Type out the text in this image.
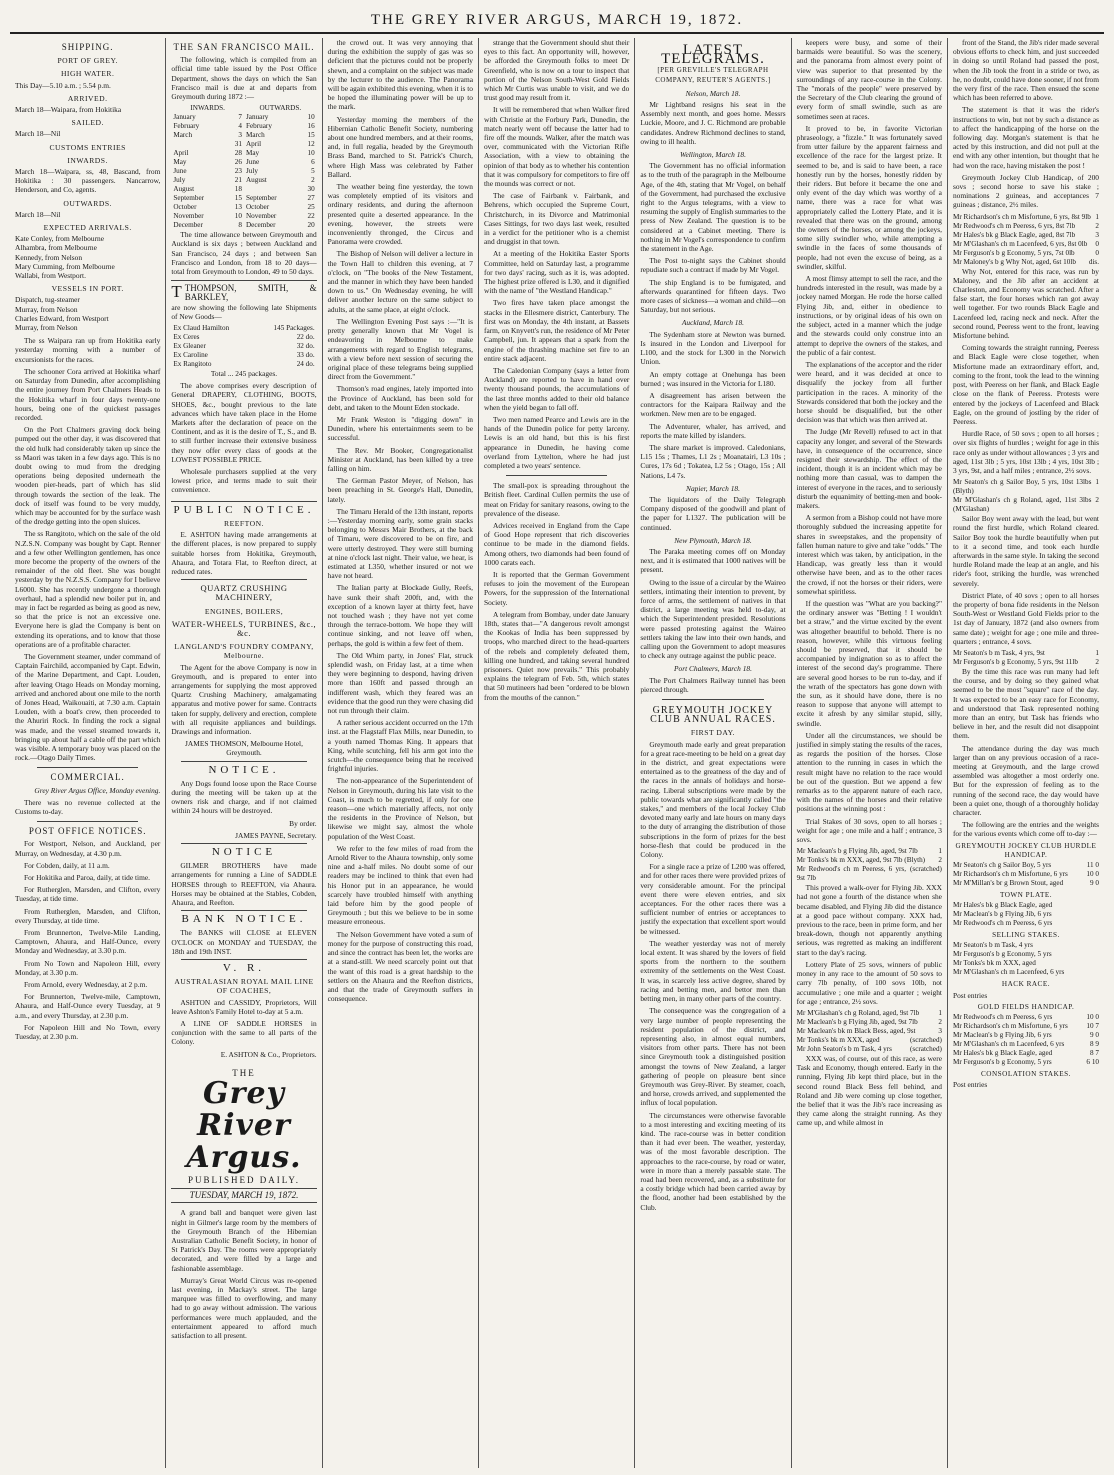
THE GREY RIVER ARGUS, MARCH 19, 1872.
SHIPPING.
PORT OF GREY.
HIGH WATER.

This Day—5.10 a.m. ; 5.54 p.m.

ARRIVED.

March 18—Waipara, from Hokitika

SAILED.

March 18—Nil

CUSTOMS ENTRIES
INWARDS.

March 18—Waipara, ss, 48, Bascand, from Hokitika : 30 passengers. Nancarrow, Henderson, and Co, agents.

OUTWARDS.

March 18—Nil

EXPECTED ARRIVALS.
Kate Conley, from Melbourne
Alhambra, from Melbourne
Kennedy, from Nelson
Mary Cumming, from Melbourne
Wallabi, from Westport.
VESSELS IN PORT.
Dispatch, tug-steamer
Murray, from Nelson
Charles Edward, from Westport
Murray, from Nelson

The ss Waipara ran up from Hokitika early yesterday morning with a number of excursionists for the races.

The schooner Cora arrived at Hokitika wharf on Saturday from Dunedin, after accomplishing the entire journey from Port Chalmers Heads to the Hokitika wharf in four days twenty-one hours, being one of the quickest passages recorded.

On the Port Chalmers graving dock being pumped out the other day, it was discovered that the old hulk had considerably taken up since the ss Maori was taken in a few days ago. This is no doubt owing to mud from the dredging operations being deposited underneath the wooden pier-heads, part of which has slid through towards the section of the leak. The dock of itself was found to be very muddy, which may be accounted for by the surface wash of the dredge getting into the open sluices.

The ss Rangitoto, which on the sale of the old N.Z.S.N. Company was bought by Capt. Renner and a few other Wellington gentlemen, has once more become the property of the owners of the remainder of the old fleet. She was bought yesterday by the N.Z.S.S. Company for I believe L6000. She has recently undergone a thorough overhaul, had a splendid new boiler put in, and may in fact be regarded as being as good as new, so that the price is not an excessive one. Everyone here is glad the Company is bent on extending its operations, and to know that those operations are of a profitable character.

The Government steamer, under command of Captain Fairchild, accompanied by Capt. Edwin, of the Marine Department, and Capt. Louden, after leaving Otago Heads on Monday morning, arrived and anchored about one mile to the north of Jones Head, Waikouaiti, at 7.30 a.m. Captain Louden, with a boat's crew, then proceeded to the Ahuriri Rock. In finding the rock a signal was made, and the vessel steamed towards it, bringing up about half a cable off the part which was visible. A temporary buoy was placed on the rock.—Otago Daily Times.

COMMERCIAL.

Grey River Argus Office, Monday evening.

There was no revenue collected at the Customs to-day.

POST OFFICE NOTICES.

For Westport, Nelson, and Auckland, per Murray, on Wednesday, at 4.30 p.m.

For Cobden, daily, at 11 a.m.

For Hokitika and Paroa, daily, at tide time.

For Rutherglen, Marsden, and Clifton, every Tuesday, at tide time.

From Rutherglen, Marsden, and Clifton, every Thursday, at tide time.

From Brunnerton, Twelve-Mile Landing, Camptown, Ahaura, and Half-Ounce, every Monday and Wednesday, at 3.30 p.m.

From No Town and Napoleon Hill, every Monday, at 3.30 p.m.

From Arnold, every Wednesday, at 2 p.m.

For Brunnerton, Twelve-mile, Camptown, Ahaura, and Half-Ounce every Tuesday, at 9 a.m., and every Thursday, at 2.30 p.m.

For Napoleon Hill and No Town, every Tuesday, at 2.30 p.m.

THE SAN FRANCISCO MAIL.

The following, which is compiled from an official time table issued by the Post Office Department, shows the days on which the San Francisco mail is due at and departs from Greymouth during 1872 :—

INWARDS.		OUTWARDS.	
January	7	January	10
February	4	February	16
March	3	March	15
	31	April	12
April	28	May	10
May	26	June	6
June	23	July	5
July	21	August	2
August	18		30
September	15	September	27
October	13	October	25
November	10	November	22
December	8	December	20

The time allowance between Greymouth and Auckland is six days ; between Auckland and San Francisco, 24 days ; and between San Francisco and London, from 18 to 20 days—total from Greymouth to London, 49 to 50 days.

TTHOMPSON, SMITH, & BARKLEY,

are now showing the following late Shipments of New Goods—

Ex Claud Hamilton	145 Packages.
Ex Ceres	22 do.
Ex Gleaner	32 do.
Ex Caroline	33 do.
Ex Rangitoto	24 do.

Total ... 245 packages.

The above comprises every description of General DRAPERY, CLOTHING, BOOTS, SHOES, &c., bought previous to the late advances which have taken place in the Home Markets after the declaration of peace on the Continent, and as it is the desire of T., S., and B. to still further increase their extensive business they now offer every class of goods at the LOWEST POSSIBLE PRICE.

Wholesale purchasers supplied at the very lowest price, and terms made to suit their convenience.

PUBLIC NOTICE.
REEFTON.

E. ASHTON having made arrangements at the different places, is now prepared to supply suitable horses from Hokitika, Greymouth, Ahaura, and Totara Flat, to Reefton direct, at reduced rates.

QUARTZ CRUSHING MACHINERY,
ENGINES, BOILERS,
WATER-WHEELS, TURBINES, &c., &c.
LANGLAND'S FOUNDRY COMPANY, Melbourne.

The Agent for the above Company is now in Greymouth, and is prepared to enter into arrangements for supplying the most approved Quartz Crushing Machinery, amalgamating apparatus and motive power for same. Contracts taken for supply, delivery and erection, complete with all requisite appliances and buildings. Drawings and information.

JAMES THOMSON, Melbourne Hotel, Greymouth.

NOTICE.

Any Dogs found loose upon the Race Course during the meeting will be taken up at the owners risk and charge, and if not claimed within 24 hours will be destroyed.

By order.

JAMES PAYNE, Secretary.

NOTICE

GILMER BROTHERS have made arrangements for running a Line of SADDLE HORSES through to REEFTON, via Ahaura. Horses may be obtained at the Stables, Cobden, Ahaura, and Reefton.

BANK NOTICE.

The BANKS will CLOSE at ELEVEN O'CLOCK on MONDAY and TUESDAY, the 18th and 19th INST.

V. R.
AUSTRALASIAN ROYAL MAIL LINE OF COACHES,

ASHTON and CASSIDY, Proprietors, Will leave Ashton's Family Hotel to-day at 5 a.m.

A LINE OF SADDLE HORSES in conjunction with the same to all parts of the Colony.

E. ASHTON & Co., Proprietors.

THE
Grey River Argus.
PUBLISHED DAILY.
TUESDAY, MARCH 19, 1872.

A grand ball and banquet were given last night in Gilmer's large room by the members of the Greymouth Branch of the Hibernian Australian Catholic Benefit Society, in honor of St Patrick's Day. The rooms were appropriately decorated, and were filled by a large and fashionable assemblage.

Murray's Great World Circus was re-opened last evening, in Mackay's street. The large marquee was filled to overflowing, and many had to go away without admission. The various performances were much applauded, and the entertainment appeared to afford much satisfaction to all present.

the crowd out. It was very annoying that during the exhibition the supply of gas was so deficient that the pictures could not be properly shewn, and a complaint on the subject was made by the lecturer to the audience. The Panorama will be again exhibited this evening, when it is to be hoped the illuminating power will be up to the mark.

Yesterday morning the members of the Hibernian Catholic Benefit Society, numbering about one hundred members, and at their rooms, and, in full regalia, headed by the Greymouth Brass Band, marched to St. Patrick's Church, where High Mass was celebrated by Father Ballard.

The weather being fine yesterday, the town was completely emptied of its visitors and ordinary residents, and during the afternoon presented quite a deserted appearance. In the evening, however, the streets were inconveniently thronged, the Circus and Panorama were crowded.

The Bishop of Nelson will deliver a lecture in the Town Hall to children this evening, at 7 o'clock, on "The books of the New Testament, and the manner in which they have been handed down to us." On Wednesday evening, he will deliver another lecture on the same subject to adults, at the same place, at eight o'clock.

The Wellington Evening Post says :—"It is pretty generally known that Mr Vogel is endeavoring in Melbourne to make arrangements with regard to English telegrams, with a view before next session of securing the original place of these telegrams being supplied direct from the Government."

Thomson's road engines, lately imported into the Province of Auckland, has been sold for debt, and taken to the Mount Eden stockade.

Mr Frank Weston is "digging down" in Dunedin, where his entertainments seem to be successful.

The Rev. Mr Booker, Congregationalist Minister at Auckland, has been killed by a tree falling on him.

The German Pastor Meyer, of Nelson, has been preaching in St. George's Hall, Dunedin, lately.

The Timaru Herald of the 13th instant, reports :—Yesterday morning early, some grain stacks belonging to Messrs Mair Brothers, at the back of Timaru, were discovered to be on fire, and were utterly destroyed. They were still burning at nine o'clock last night. Their value, we hear, is estimated at L350, whether insured or not we have not heard.

The Italian party at Blockade Gully, Reefs, have sunk their shaft 200ft, and, with the exception of a known layer at thirty feet, have not touched wash ; they have not yet come through the terrace-bottom. We hope they will continue sinking, and not leave off when, perhaps, the gold is within a few feet of them.

The Old Whim party, in Jones' Flat, struck splendid wash, on Friday last, at a time when they were beginning to despond, having driven more than 160ft and passed through an indifferent wash, which they feared was an evidence that the good run they were chasing did not run through their claim.

A rather serious accident occurred on the 17th inst. at the Flagstaff Flax Mills, near Dunedin, to a youth named Thomas King. It appears that King, while scutching, fell his arm got into the scutch—the consequence being that he received frightful injuries.

The non-appearance of the Superintendent of Nelson in Greymouth, during his late visit to the Coast, is much to be regretted, if only for one reason—one which materially affects, not only the residents in the Province of Nelson, but likewise we might say, almost the whole population of the West Coast.

We refer to the few miles of road from the Arnold River to the Ahaura township, only some nine and a-half miles. No doubt some of our readers may be inclined to think that even had his Honor put in an appearance, he would scarcely have troubled himself with anything laid before him by the good people of Greymouth ; but this we believe to be in some measure erroneous.

The Nelson Government have voted a sum of money for the purpose of constructing this road, and since the contract has been let, the works are at a stand-still. We need scarcely point out that the want of this road is a great hardship to the settlers on the Ahaura and the Reefton districts, and that the trade of Greymouth suffers in consequence.

strange that the Government should shut their eyes to this fact. An opportunity will, however, be afforded the Greymouth folks to meet Dr Greenfield, who is now on a tour to inspect that portion of the Nelson South-West Gold Fields which Mr Curtis was unable to visit, and we do trust good may result from it.

It will be remembered that when Walker fired with Christie at the Forbury Park, Dunedin, the match nearly went off because the latter had to fire off the mounds. Walker, after the match was over, communicated with the Victorian Rifle Association, with a view to obtaining the opinion of that body as to whether his contention that it was compulsory for competitors to fire off the mounds was correct or not.

The case of Fairbank v. Fairbank, and Behrens, which occupied the Supreme Court, Christchurch, in its Divorce and Matrimonial Cases Sittings, for two days last week, resulted in a verdict for the petitioner who is a chemist and druggist in that town.

At a meeting of the Hokitika Easter Sports Committee, held on Saturday last, a programme for two days' racing, such as it is, was adopted. The highest prize offered is L30, and it dignified with the name of "the Westland Handicap."

Two fires have taken place amongst the stacks in the Ellesmere district, Canterbury. The first was on Monday, the 4th instant, at Bassets farm, on Knyvett's run, the residence of Mr Peter Campbell, jun. It appears that a spark from the engine of the thrashing machine set fire to an entire stack adjacent.

The Caledonian Company (says a letter from Auckland) are reported to have in hand over twenty thousand pounds, the accumulations of the last three months added to their old balance when the yield began to fall off.

Two men named Pearce and Lewis are in the hands of the Dunedin police for petty larceny. Lewis is an old hand, but this is his first appearance in Dunedin, he having come overland from Lyttelton, where he had just completed a two years' sentence.

The small-pox is spreading throughout the British fleet. Cardinal Cullen permits the use of meat on Friday for sanitary reasons, owing to the prevalence of the disease.

Advices received in England from the Cape of Good Hope represent that rich discoveries continue to be made in the diamond fields. Among others, two diamonds had been found of 1000 carats each.

It is reported that the German Government refuses to join the movement of the European Powers, for the suppression of the International Society.

A telegram from Bombay, under date January 18th, states that—"A dangerous revolt amongst the Kookas of India has been suppressed by troops, who marched direct to the head-quarters of the rebels and completely defeated them, killing one hundred, and taking several hundred prisoners. Quiet now prevails." This probably explains the telegram of Feb. 5th, which states that 50 mutineers had been "ordered to be blown from the mouths of the cannon."

LATEST TELEGRAMS.
[PER GREVILLE'S TELEGRAPH COMPANY, REUTER'S AGENTS.]
Nelson, March 18.

Mr Lightband resigns his seat in the Assembly next month, and goes home. Messrs Luckie, Moore, and J. C. Richmond are probable candidates. Andrew Richmond declines to stand, owing to ill health.

Wellington, March 18.

The Government has no official information as to the truth of the paragraph in the Melbourne Age, of the 4th, stating that Mr Vogel, on behalf of the Government, had purchased the exclusive right to the Argus telegrams, with a view to resuming the supply of English summaries to the press of New Zealand. The question is to be considered at a Cabinet meeting. There is nothing in Mr Vogel's correspondence to confirm the statement in the Age.

The Post to-night says the Cabinet should repudiate such a contract if made by Mr Vogel.

The ship England is to be fumigated, and afterwards quarantined for fifteen days. Two more cases of sickness—a woman and child—on Saturday, but not serious.

Auckland, March 18.

The Sydenham store at Newton was burned. Is insured in the London and Liverpool for L100, and the stock for L300 in the Norwich Union.

An empty cottage at Onehunga has been burned ; was insured in the Victoria for L180.

A disagreement has arisen between the contractors for the Kaipara Railway and the workmen. New men are to be engaged.

The Adventurer, whaler, has arrived, and reports the mate killed by islanders.

The share market is improved. Caledonians, L15 15s ; Thames, L1 2s ; Moanatairi, L3 10s ; Cures, 17s 6d ; Tokatea, L2 5s ; Otago, 15s ; All Nations, L4 7s.

Napier, March 18.

The liquidators of the Daily Telegraph Company disposed of the goodwill and plant of the paper for L1327. The publication will be continued.

New Plymouth, March 18.

The Paraka meeting comes off on Monday next, and it is estimated that 1000 natives will be present.

Owing to the issue of a circular by the Waireo settlers, intimating their intention to prevent, by force of arms, the settlement of natives in that district, a large meeting was held to-day, at which the Superintendent presided. Resolutions were passed protesting against the Waireo settlers taking the law into their own hands, and calling upon the Government to adopt measures to check any outrage against the public peace.

Port Chalmers, March 18.

The Port Chalmers Railway tunnel has been pierced through.

GREYMOUTH JOCKEY CLUB ANNUAL RACES.
FIRST DAY.

Greymouth made early and great preparation for a great race-meeting to be held on a great day in the district, and great expectations were entertained as to the greatness of the day and of the races in the annals of holidays and horse-racing. Liberal subscriptions were made by the public towards what are significantly called "the stakes," and members of the local Jockey Club devoted many early and late hours on many days to the duty of arranging the distribution of those subscriptions in the form of prizes for the best horse-flesh that could be produced in the Colony.

For a single race a prize of L200 was offered, and for other races there were provided prizes of very considerable amount. For the principal event there were eleven entries, and six acceptances. For the other races there was a sufficient number of entries or acceptances to justify the expectation that excellent sport would be witnessed.

The weather yesterday was not of merely local extent. It was shared by the lovers of field sports from the northern to the southern extremity of the settlements on the West Coast. It was, in scarcely less active degree, shared by racing and betting men, and bettor men than betting men, in many other parts of the country.

The consequence was the congregation of a very large number of people representing the resident population of the district, and representing also, in almost equal numbers, visitors from other parts. There has not been since Greymouth took a distinguished position amongst the towns of New Zealand, a larger gathering of people on pleasure bent since Greymouth was Grey-River. By steamer, coach, and horse, crowds arrived, and supplemented the influx of local population.

The circumstances were otherwise favorable to a most interesting and exciting meeting of its kind. The race-course was in better condition than it had ever been. The weather, yesterday, was of the most favorable description. The approaches to the race-course, by road or water, were in more than a merely passable state. The road had been recovered, and, as a substitute for a costly bridge which had been carried away by the flood, another had been established by the Club.

keepers were busy, and some of their barmaids were beautiful. So was the scenery, and the panorama from almost every point of view was superior to that presented by the surroundings of any race-course in the Colony. The "morals of the people" were preserved by the Secretary of the Club clearing the ground of every form of small swindle, such as are sometimes seen at races.

It proved to be, in favorite Victorian phraseology, a "fizzle." It was fortunately saved from utter failure by the apparent fairness and excellence of the race for the largest prize. It seemed to be, and is said to have been, a race honestly run by the horses, honestly ridden by their riders. But before it became the one and only event of the day which was worthy of a name, there was a race for what was appropriately called the Lottery Plate, and it is revealed that there was on the ground, among the owners of the horses, or among the jockeys, some silly swindler who, while attempting a swindle in the faces of some thousands of people, had not even the excuse of being, as a swindler, skilful.

A most flimsy attempt to sell the race, and the hundreds interested in the result, was made by a jockey named Morgan. He rode the horse called Flying Jib, and, either in obedience to instructions, or by original ideas of his own on the subject, acted in a manner which the judge and the stewards could only construe into an attempt to deprive the owners of the stakes, and the public of a fair contest.

The explanations of the acceptor and the rider were heard, and it was decided at once to disqualify the jockey from all further participation in the races. A minority of the Stewards considered that both the jockey and the horse should be disqualified, but the other decision was that which was then arrived at.

The Judge (Mr Revell) refused to act in that capacity any longer, and several of the Stewards have, in consequence of the occurrence, since resigned their stewardship. The effect of the incident, though it is an incident which may be nothing more than casual, was to dampen the interest of everyone in the races, and to seriously disturb the equanimity of betting-men and book-makers.

A sermon from a Bishop could not have more thoroughly subdued the increasing appetite for shares in sweepstakes, and the propensity of fallen human nature to give and take "odds." The interest which was taken, by anticipation, in the Handicap, was greatly less than it would otherwise have been, and as to the other races the crowd, if not the horses or their riders, were somewhat spiritless.

If the question was "What are you backing?" the ordinary answer was "Betting ! I wouldn't bet a straw," and the virtue excited by the event was altogether beautiful to behold. There is no reason, however, while this virtuous feeling should be preserved, that it should be accompanied by indignation so as to affect the interest of the second day's programme. There are several good horses to be run to-day, and if the wrath of the spectators has gone down with the sun, as it should have done, there is no reason to suppose that anyone will attempt to excite it afresh by any similar stupid, silly, swindle.

Under all the circumstances, we should be justified in simply stating the results of the races, as regards the position of the horses. Close attention to the running in cases in which the result might have no relation to the race would be out of the question. But we append a few remarks as to the apparent nature of each race, with the names of the horses and their relative positions at the winning post :

Trial Stakes of 30 sovs, open to all horses ; weight for age ; one mile and a half ; entrance, 3 sovs.

Mr Maclean's b g Flying Jib, aged, 9st 7lb	1
Mr Tonks's bk m XXX, aged, 9st 7lb (Blyth)	2
Mr Redwood's ch m Peeress, 6 yrs, 9st 7lb
(scratched)

This proved a walk-over for Flying Jib. XXX had not gone a fourth of the distance when she became disabled, and Flying Jib did the distance at a good pace without company. XXX had, previous to the race, been in prime form, and her break-down, though not apparently anything serious, was regretted as making an indifferent start to the day's racing.

Lottery Plate of 25 sovs, winners of public money in any race to the amount of 50 sovs to carry 7lb penalty, of 100 sovs 10lb, not accumulative ; one mile and a quarter ; weight for age ; entrance, 2½ sovs.

Mr M'Glashan's ch g Roland, aged, 9st 7lb	1
Mr Maclean's b g Flying Jib, aged, 9st 7lb	2
Mr Maclean's bk m Black Bess, aged, 9st	3
Mr Tonks's bk m XXX, aged	(scratched)
Mr John Seaton's b m Task, 4 yrs	(scratched)

XXX was, of course, out of this race, as were Task and Economy, though entered. Early in the running, Flying Jib kept third place, but in the second round Black Bess fell behind, and Roland and Jib were coming up close together, the belief that it was the Jib's race increasing as they came along the straight running. As they came up, and while almost in

front of the Stand, the Jib's rider made several obvious efforts to check him, and just succeeded in doing so until Roland had passed the post, when the Jib took the front in a stride or two, as he, no doubt, could have done sooner, if not from the very first of the race. Then ensued the scene which has been referred to above.

The statement is that it was the rider's instructions to win, but not by such a distance as to affect the handicapping of the horse on the following day. Morgan's statement is that he acted by this instruction, and did not pull at the end with any other intention, but thought that he had won the race, having mistaken the post !

Greymouth Jockey Club Handicap, of 200 sovs ; second horse to save his stake ; nominations 2 guineas, and acceptances 7 guineas ; distance, 2½ miles.

Mr Richardson's ch m Misfortune, 6 yrs, 8st 9lb 1
Mr Redwood's ch m Peeress, 6 yrs, 8st 7lb	2
Mr Hales's bk g Black Eagle, aged, 8st 7lb	3
Mr M'Glashan's ch m Lacenfeed, 6 yrs, 8st 0lb	0
Mr Ferguson's b g Economy, 5 yrs, 7st 0lb	0
Mr Maloney's b g Why Not, aged, 6st 10lb	dis.

Why Not, entered for this race, was run by Maloney, and the Jib after an accident at Charleston, and Economy was scratched. After a false start, the four horses which ran got away well together. For two rounds Black Eagle and Lacenfeed led, racing neck and neck. After the second round, Peeress went to the front, leaving Misfortune behind.

Coming towards the straight running, Peeress and Black Eagle were close together, when Misfortune made an extraordinary effort, and, coming to the front, took the lead to the winning post, with Peeress on her flank, and Black Eagle close on the flank of Peeress. Protests were entered by the jockeys of Lacenfeed and Black Eagle, on the ground of jostling by the rider of Peeress.

Hurdle Race, of 50 sovs ; open to all horses ; over six flights of hurdles ; weight for age in this race only as under without allowances ; 3 yrs and aged, 11st 3lb ; 5 yrs, 10st 13lb ; 4 yrs, 10st 3lb ; 3 yrs, 9st, and a half miles ; entrance, 2½ sovs.

Mr Seaton's ch g Sailor Boy, 5 yrs, 10st 13lbs (Blyth)
1
Mr M'Glashan's ch g Roland, aged, 11st 3lbs (M'Glashan)
2

Sailor Boy went away with the lead, but went round the first hurdle, which Roland cleared. Sailor Boy took the hurdle beautifully when put to it a second time, and took each hurdle afterwards in the same style. In taking the second hurdle Roland made the leap at an angle, and his rider's foot, striking the hurdle, was wrenched severely.

District Plate, of 40 sovs ; open to all horses the property of bona fide residents in the Nelson South-West or Westland Gold Fields prior to the 1st day of January, 1872 (and also owners from same date) ; weight for age ; one mile and three-quarters ; entrance, 4 sovs.

Mr Seaton's b m Task, 4 yrs, 9st	1
Mr Ferguson's b g Economy, 5 yrs, 9st 11lb	2

By the time this race was run many had left the course, and by doing so they gained what seemed to be the most "square" race of the day. It was expected to be an easy race for Economy, and understood that Task represented nothing more than an entry, but Task has friends who believe in her, and the result did not disappoint them.

The attendance during the day was much larger than on any previous occasion of a race-meeting at Greymouth, and the large crowd assembled was altogether a most orderly one. But for the expression of feeling as to the running of the second race, the day would have been a quiet one, though of a thoroughly holiday character.

The following are the entries and the weights for the various events which come off to-day :—

GREYMOUTH JOCKEY CLUB HURDLE HANDICAP.
Mr Seaton's ch g Sailor Boy, 5 yrs	11 0
Mr Richardson's ch m Misfortune, 6 yrs	10 0
Mr M'Millan's br g Brown Stout, aged	9 0
TOWN PLATE.
Mr Hales's bk g Black Eagle, aged
Mr Maclean's b g Flying Jib, 6 yrs
Mr Redwood's ch m Peeress, 6 yrs
SELLING STAKES.
Mr Seaton's b m Task, 4 yrs
Mr Ferguson's b g Economy, 5 yrs
Mr Tonks's bk m XXX, aged
Mr M'Glashan's ch m Lacenfeed, 6 yrs
HACK RACE.
Post entries
GOLD FIELDS HANDICAP.
Mr Redwood's ch m Peeress, 6 yrs	10 0
Mr Richardson's ch m Misfortune, 6 yrs	10 7
Mr Maclean's b g Flying Jib, 6 yrs	9 0
Mr M'Glashan's ch m Lacenfeed, 6 yrs	8 9
Mr Hales's bk g Black Eagle, aged	8 7
Mr Ferguson's b g Economy, 5 yrs	6 10
CONSOLATION STAKES.
Post entries
